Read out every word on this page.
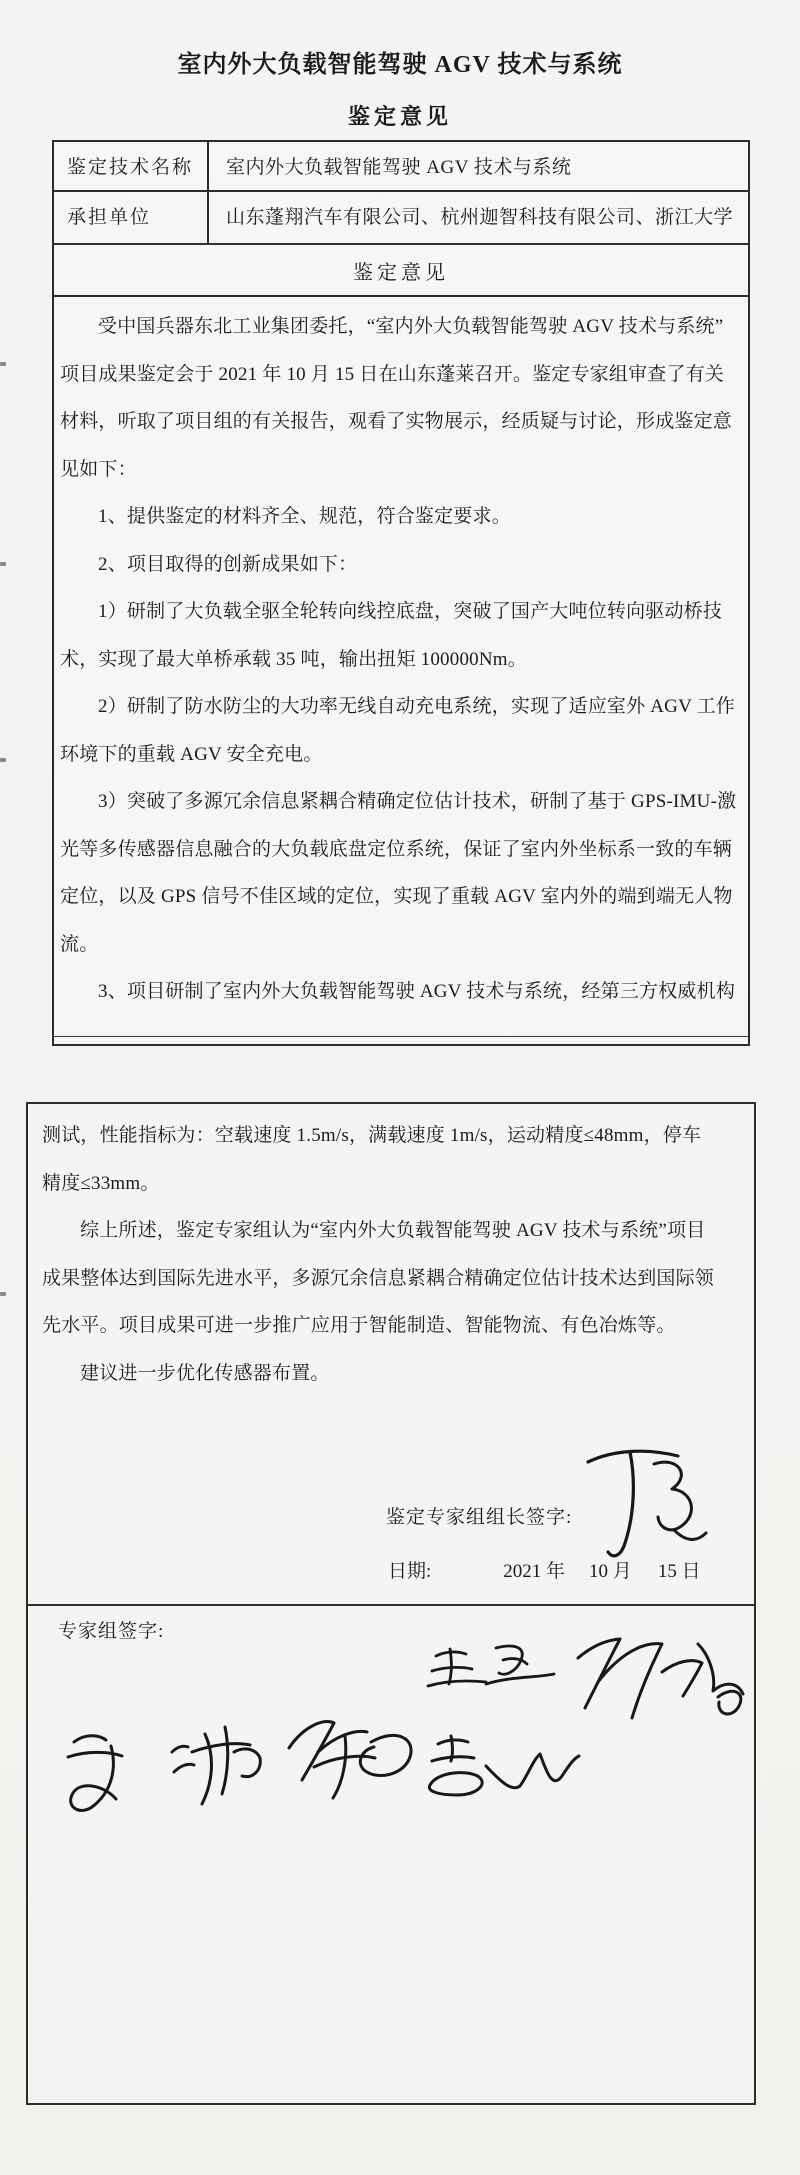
室内外大负载智能驾驶 AGV 技术与系统
鉴定意见
鉴定技术名称	室内外大负载智能驾驶 AGV 技术与系统
承担单位	山东蓬翔汽车有限公司、杭州迦智科技有限公司、浙江大学
鉴定意见
受中国兵器东北工业集团委托，“室内外大负载智能驾驶 AGV 技术与系统”
项目成果鉴定会于 2021 年 10 月 15 日在山东蓬莱召开。鉴定专家组审查了有关
材料，听取了项目组的有关报告，观看了实物展示，经质疑与讨论，形成鉴定意
见如下：
1、提供鉴定的材料齐全、规范，符合鉴定要求。
2、项目取得的创新成果如下：
1）研制了大负载全驱全轮转向线控底盘，突破了国产大吨位转向驱动桥技
术，实现了最大单桥承载 35 吨，输出扭矩 100000Nm。
2）研制了防水防尘的大功率无线自动充电系统，实现了适应室外 AGV 工作
环境下的重载 AGV 安全充电。
3）突破了多源冗余信息紧耦合精确定位估计技术，研制了基于 GPS-IMU-激
光等多传感器信息融合的大负载底盘定位系统，保证了室内外坐标系一致的车辆
定位，以及 GPS 信号不佳区域的定位，实现了重载 AGV 室内外的端到端无人物
流。
3、项目研制了室内外大负载智能驾驶 AGV 技术与系统，经第三方权威机构
测试，性能指标为：空载速度 1.5m/s，满载速度 1m/s，运动精度≤48mm，停车
精度≤33mm。
综上所述，鉴定专家组认为“室内外大负载智能驾驶 AGV 技术与系统”项目
成果整体达到国际先进水平，多源冗余信息紧耦合精确定位估计技术达到国际领
先水平。项目成果可进一步推广应用于智能制造、智能物流、有色冶炼等。
建议进一步优化传感器布置。
鉴定专家组组长签字:
日期:	2021 年 10 月 15 日
专家组签字:
